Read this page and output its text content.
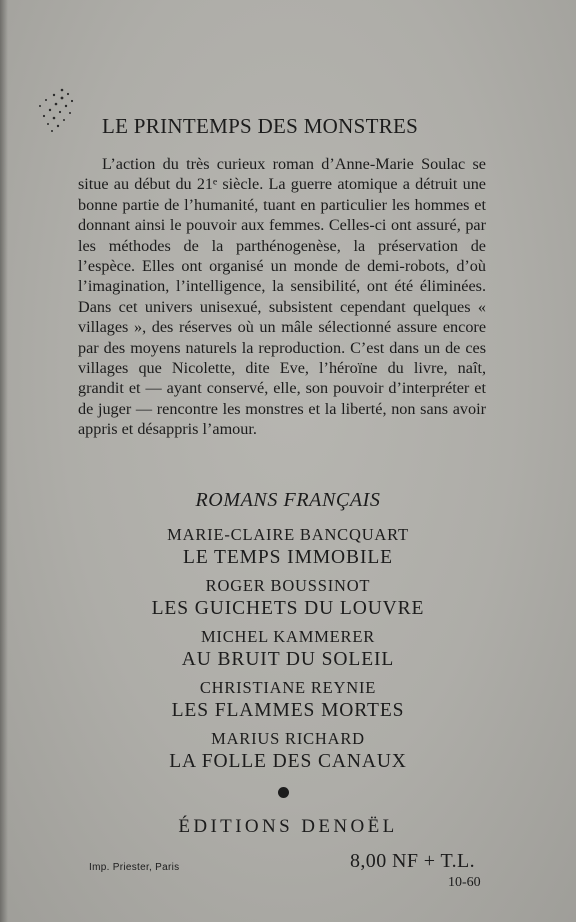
LE PRINTEMPS DES MONSTRES

L’action du très curieux roman d’Anne-Marie Soulac se situe au début du 21ᵉ siècle. La guerre atomique a détruit une bonne partie de l’humanité, tuant en particulier les hommes et donnant ainsi le pouvoir aux femmes. Celles-ci ont assuré, par les méthodes de la parthénogenèse, la préservation de l’espèce. Elles ont organisé un monde de demi-robots, d’où l’imagination, l’intelligence, la sensibilité, ont été éliminées. Dans cet univers unisexué, subsistent cependant quelques « villages », des réserves où un mâle sélectionné assure encore par des moyens naturels la reproduction. C’est dans un de ces villages que Nicolette, dite Eve, l’héroïne du livre, naît, grandit et — ayant conservé, elle, son pouvoir d’interpréter et de juger — rencontre les monstres et la liberté, non sans avoir appris et désappris l’amour.

ROMANS FRANÇAIS
MARIE-CLAIRE BANCQUART
LE TEMPS IMMOBILE
ROGER BOUSSINOT
LES GUICHETS DU LOUVRE
MICHEL KAMMERER
AU BRUIT DU SOLEIL
CHRISTIANE REYNIE
LES FLAMMES MORTES
MARIUS RICHARD
LA FOLLE DES CANAUX
ÉDITIONS DENOËL
Imp. Priester, Paris	8,00 NF + T.L.
10-60
